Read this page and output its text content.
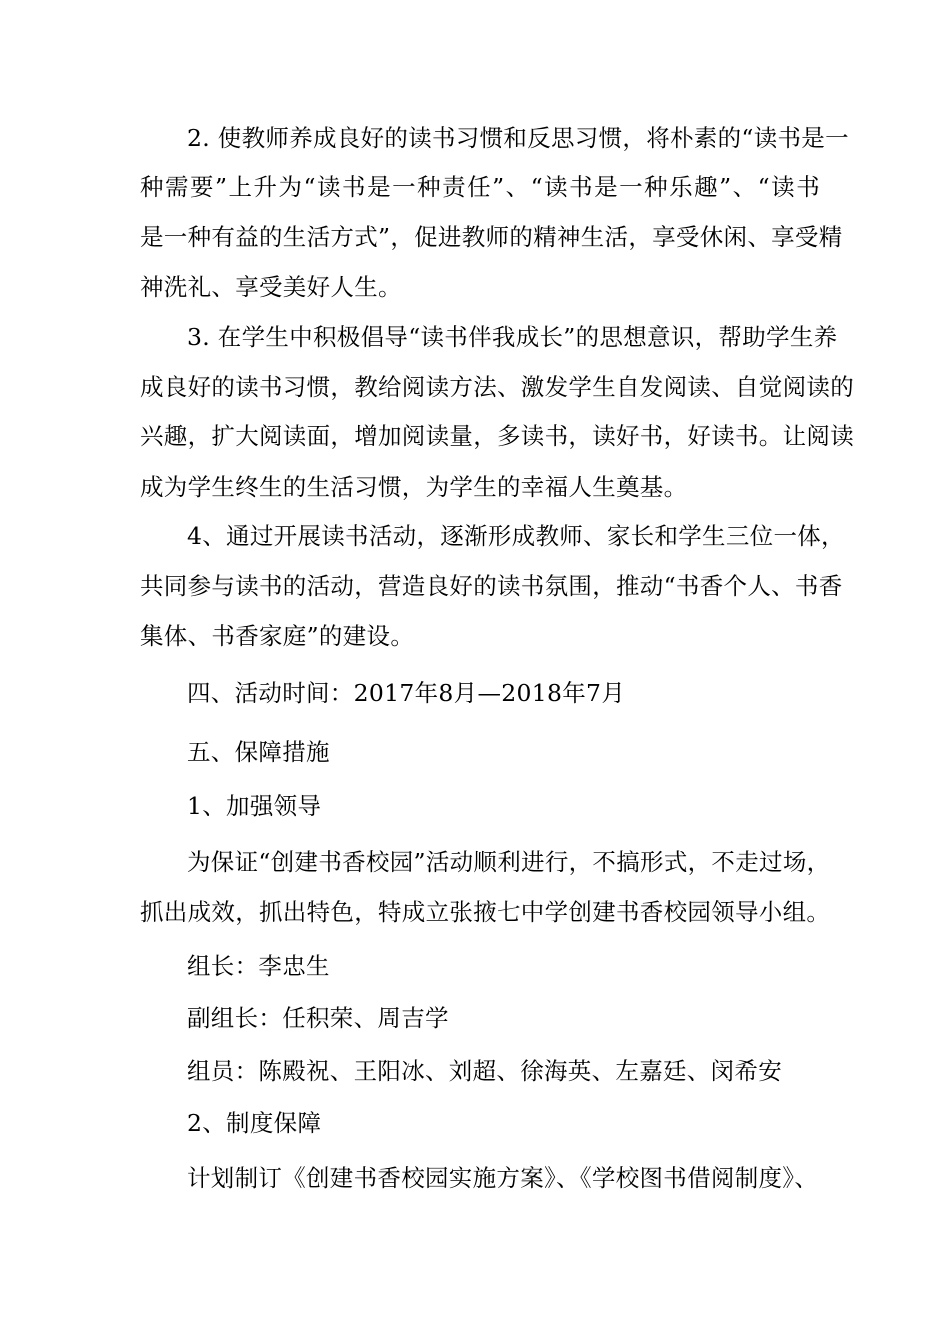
2. 使教师养成良好的读书习惯和反思习惯，将朴素的“读书是一
种需要”上升为“读书是一种责任”、“读书是一种乐趣”、“读书
是一种有益的生活方式”，促进教师的精神生活，享受休闲、享受精
神洗礼、享受美好人生。
3. 在学生中积极倡导“读书伴我成长”的思想意识，帮助学生养
成良好的读书习惯，教给阅读方法、激发学生自发阅读、自觉阅读的
兴趣，扩大阅读面，增加阅读量，多读书，读好书，好读书。让阅读
成为学生终生的生活习惯，为学生的幸福人生奠基。
4、通过开展读书活动，逐渐形成教师、家长和学生三位一体，
共同参与读书的活动，营造良好的读书氛围，推动“书香个人、书香
集体、书香家庭”的建设。
四、活动时间：2017年8月—2018年7月
五、保障措施
1、加强领导
为保证“创建书香校园”活动顺利进行，不搞形式，不走过场，
抓出成效，抓出特色，特成立张掖七中学创建书香校园领导小组。
组长：李忠生
副组长：任积荣、周吉学
组员：陈殿祝、王阳冰、刘超、徐海英、左嘉廷、闵希安
2、制度保障
计划制订《创建书香校园实施方案》、《学校图书借阅制度》、
